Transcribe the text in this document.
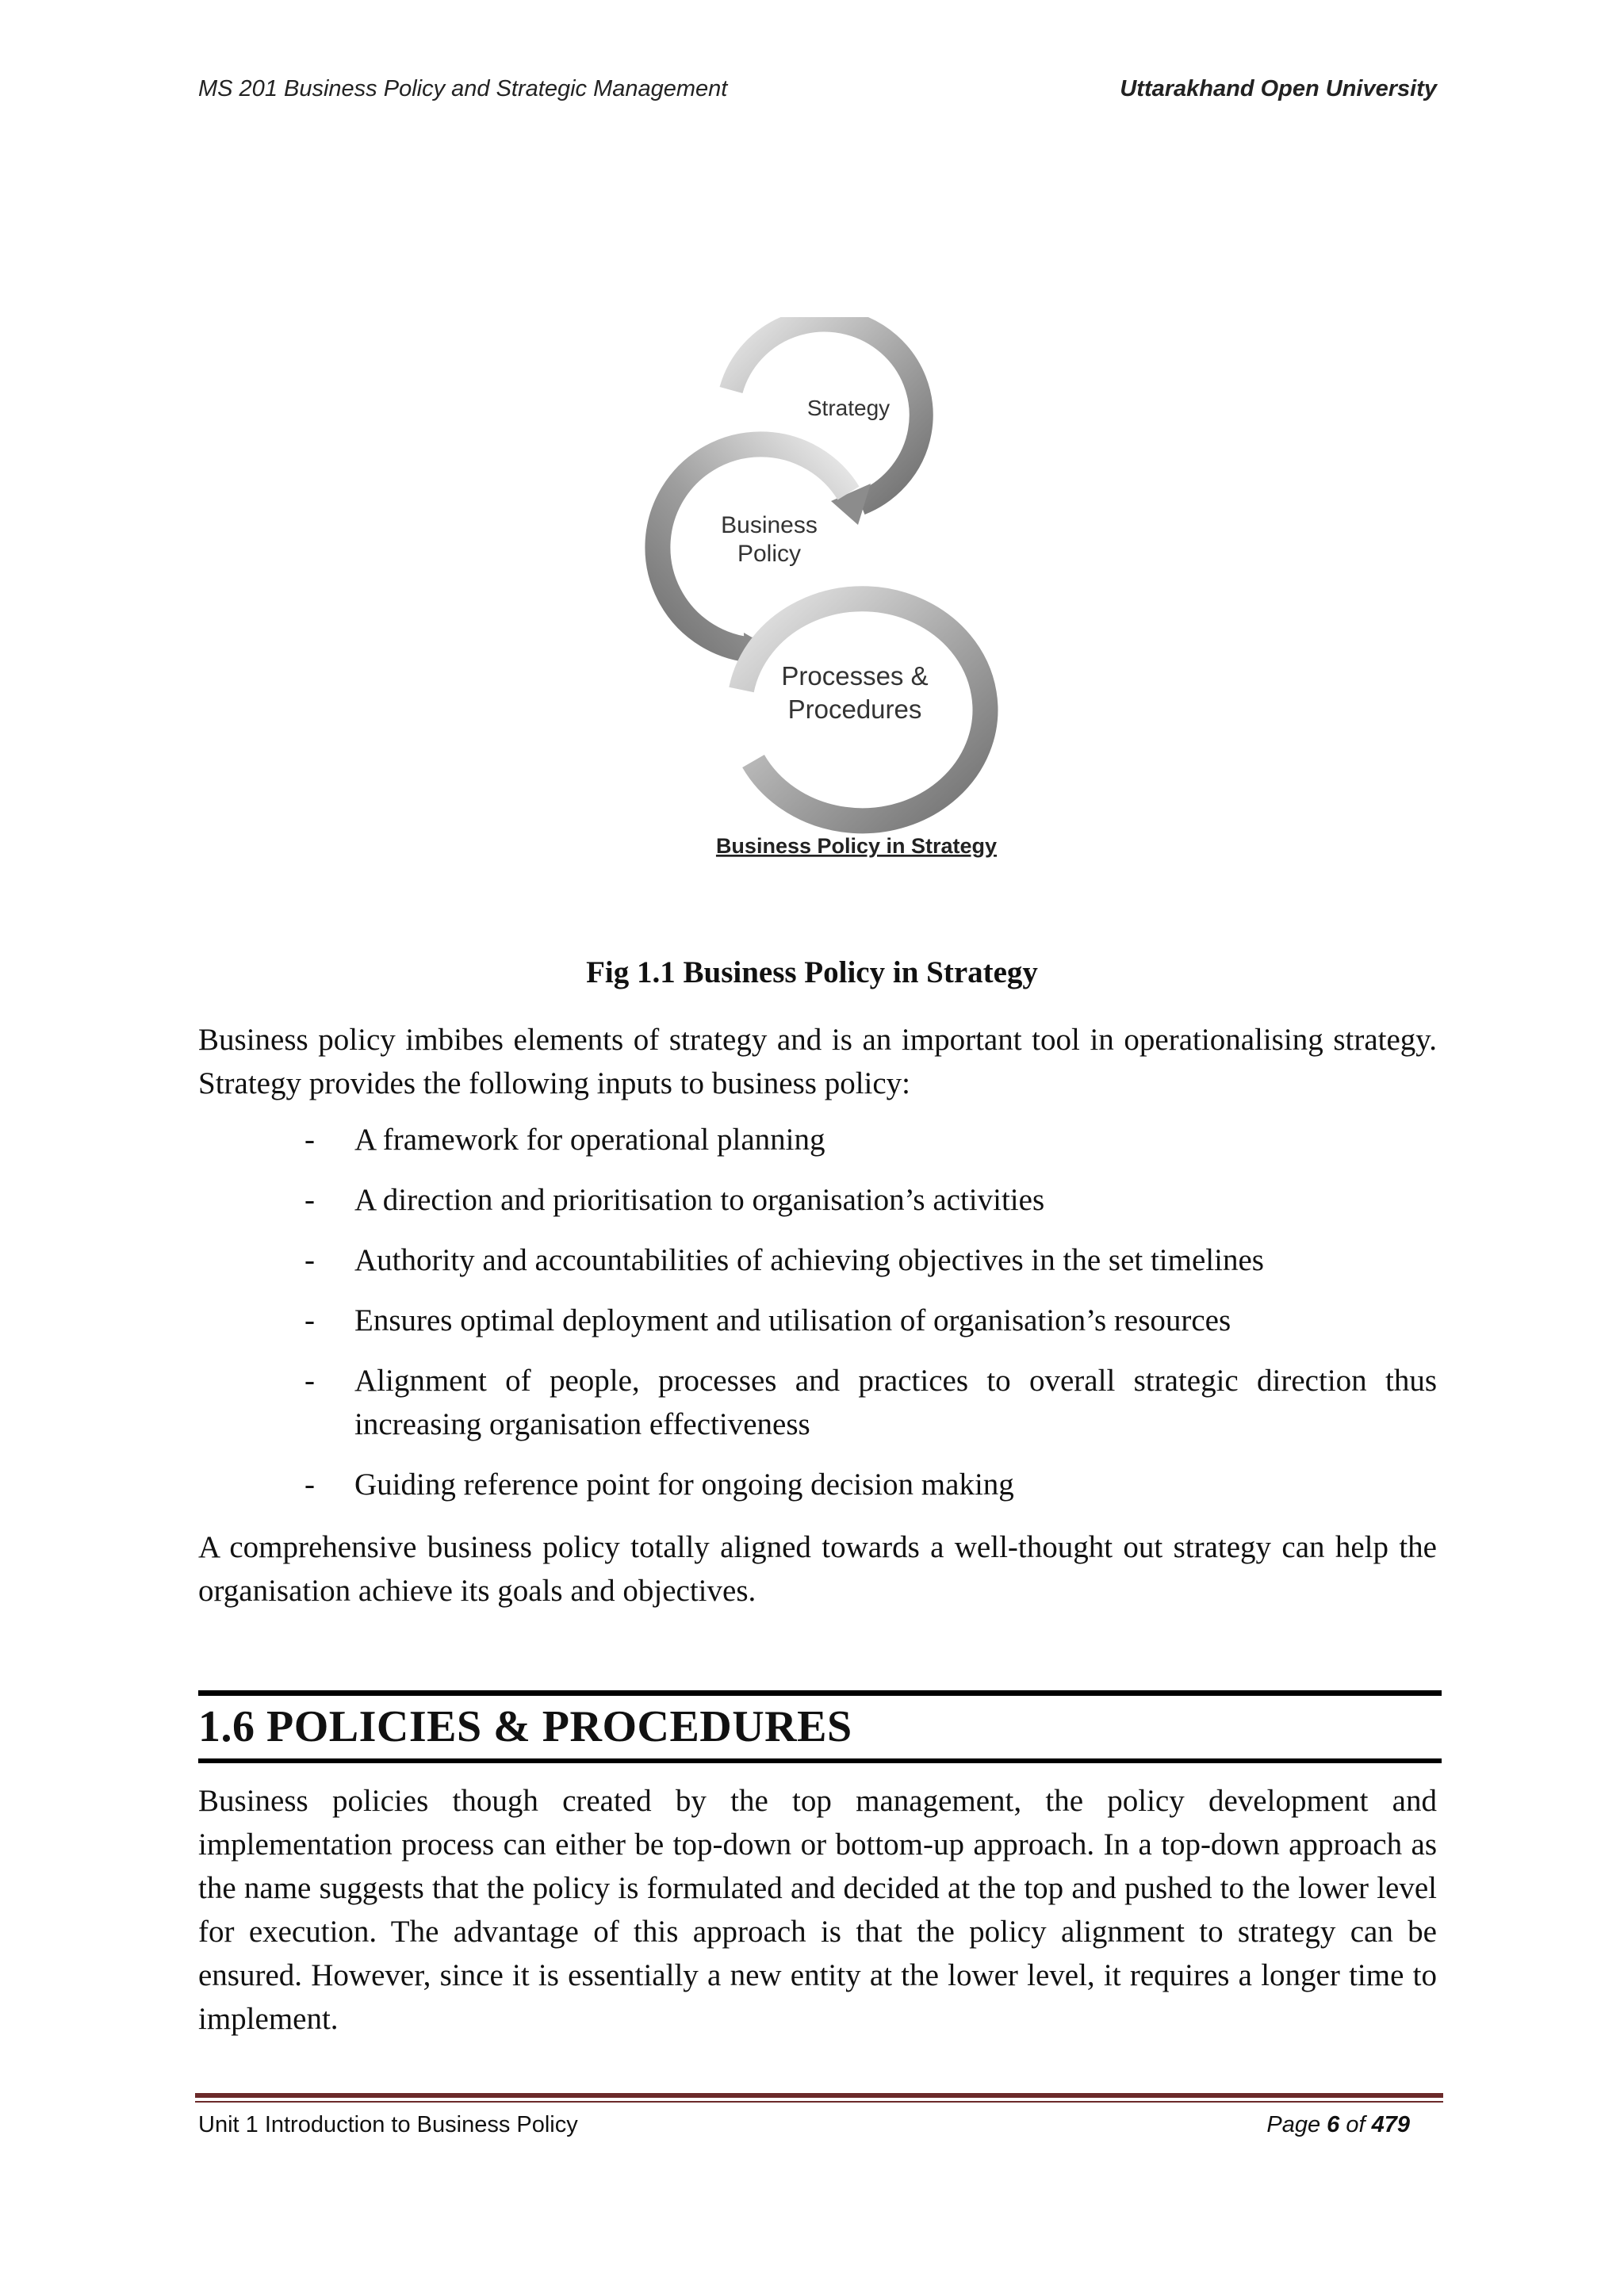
MS 201 Business Policy and Strategic Management	Uttarakhand Open University
Strategy
Business
Policy
Processes &
Procedures
Business Policy in Strategy
Fig 1.1 Business Policy in Strategy
Business policy imbibes elements of strategy and is an important tool in operationalising strategy. Strategy provides the following inputs to business policy:
- A framework for operational planning
- A direction and prioritisation to organisation’s activities
- Authority and accountabilities of achieving objectives in the set timelines
- Ensures optimal deployment and utilisation of organisation’s resources
- Alignment of people, processes and practices to overall strategic direction thus increasing organisation effectiveness
- Guiding reference point for ongoing decision making
A comprehensive business policy totally aligned towards a well-thought out strategy can help the organisation achieve its goals and objectives.
1.6 POLICIES & PROCEDURES
Business policies though created by the top management, the policy development and implementation process can either be top-down or bottom-up approach. In a top-down approach as the name suggests that the policy is formulated and decided at the top and pushed to the lower level for execution. The advantage of this approach is that the policy alignment to strategy can be ensured. However, since it is essentially a new entity at the lower level, it requires a longer time to implement.
Unit 1 Introduction to Business Policy	Page 6 of 479
